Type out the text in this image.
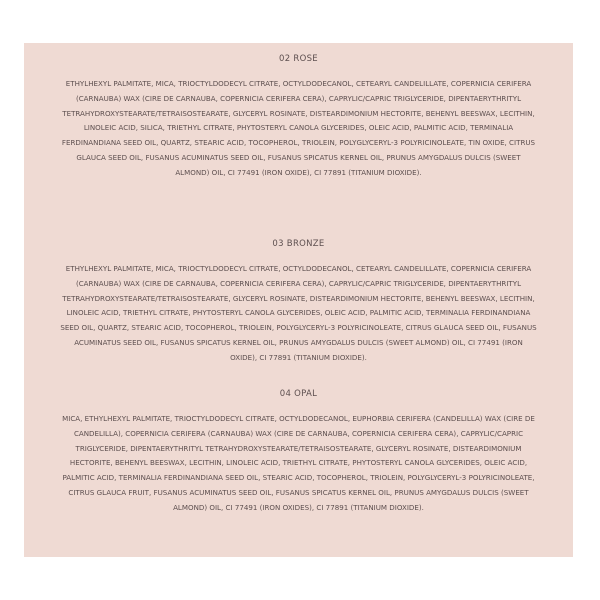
02 ROSE

ETHYLHEXYL PALMITATE, MICA, TRIOCTYLDODECYL CITRATE, OCTYLDODECANOL, CETEARYL CANDELILLATE, COPERNICIA CERIFERA (CARNAUBA) WAX (CIRE DE CARNAUBA, COPERNICIA CERIFERA CERA), CAPRYLIC/CAPRIC TRIGLYCERIDE, DIPENTAERYTHRITYL TETRAHYDROXYSTEARATE/TETRAISOSTEARATE, GLYCERYL ROSINATE, DISTEARDIMONIUM HECTORITE, BEHENYL BEESWAX, LECITHIN, LINOLEIC ACID, SILICA, TRIETHYL CITRATE, PHYTOSTERYL CANOLA GLYCERIDES, OLEIC ACID, PALMITIC ACID, TERMINALIA FERDINANDIANA SEED OIL, QUARTZ, STEARIC ACID, TOCOPHEROL, TRIOLEIN, POLYGLYCERYL-3 POLYRICINOLEATE, TIN OXIDE, CITRUS GLAUCA SEED OIL, FUSANUS ACUMINATUS SEED OIL, FUSANUS SPICATUS KERNEL OIL, PRUNUS AMYGDALUS DULCIS (SWEET ALMOND) OIL, CI 77491 (IRON OXIDE), CI 77891 (TITANIUM DIOXIDE).

03 BRONZE

ETHYLHEXYL PALMITATE, MICA, TRIOCTYLDODECYL CITRATE, OCTYLDODECANOL, CETEARYL CANDELILLATE, COPERNICIA CERIFERA (CARNAUBA) WAX (CIRE DE CARNAUBA, COPERNICIA CERIFERA CERA), CAPRYLIC/CAPRIC TRIGLYCERIDE, DIPENTAERYTHRITYL TETRAHYDROXYSTEARATE/TETRAISOSTEARATE, GLYCERYL ROSINATE, DISTEARDIMONIUM HECTORITE, BEHENYL BEESWAX, LECITHIN, LINOLEIC ACID, TRIETHYL CITRATE, PHYTOSTERYL CANOLA GLYCERIDES, OLEIC ACID, PALMITIC ACID, TERMINALIA FERDINANDIANA SEED OIL, QUARTZ, STEARIC ACID, TOCOPHEROL, TRIOLEIN, POLYGLYCERYL-3 POLYRICINOLEATE, CITRUS GLAUCA SEED OIL, FUSANUS ACUMINATUS SEED OIL, FUSANUS SPICATUS KERNEL OIL, PRUNUS AMYGDALUS DULCIS (SWEET ALMOND) OIL, CI 77491 (IRON OXIDE), CI 77891 (TITANIUM DIOXIDE).

04 OPAL

MICA, ETHYLHEXYL PALMITATE, TRIOCTYLDODECYL CITRATE, OCTYLDODECANOL, EUPHORBIA CERIFERA (CANDELILLA) WAX (CIRE DE CANDELILLA), COPERNICIA CERIFERA (CARNAUBA) WAX (CIRE DE CARNAUBA, COPERNICIA CERIFERA CERA), CAPRYLIC/CAPRIC TRIGLYCERIDE, DIPENTAERYTHRITYL TETRAHYDROXYSTEARATE/TETRAISOSTEARATE, GLYCERYL ROSINATE, DISTEARDIMONIUM HECTORITE, BEHENYL BEESWAX, LECITHIN, LINOLEIC ACID, TRIETHYL CITRATE, PHYTOSTERYL CANOLA GLYCERIDES, OLEIC ACID, PALMITIC ACID, TERMINALIA FERDINANDIANA SEED OIL, STEARIC ACID, TOCOPHEROL, TRIOLEIN, POLYGLYCERYL-3 POLYRICINOLEATE, CITRUS GLAUCA FRUIT, FUSANUS ACUMINATUS SEED OIL, FUSANUS SPICATUS KERNEL OIL, PRUNUS AMYGDALUS DULCIS (SWEET ALMOND) OIL, CI 77491 (IRON OXIDES), CI 77891 (TITANIUM DIOXIDE).
